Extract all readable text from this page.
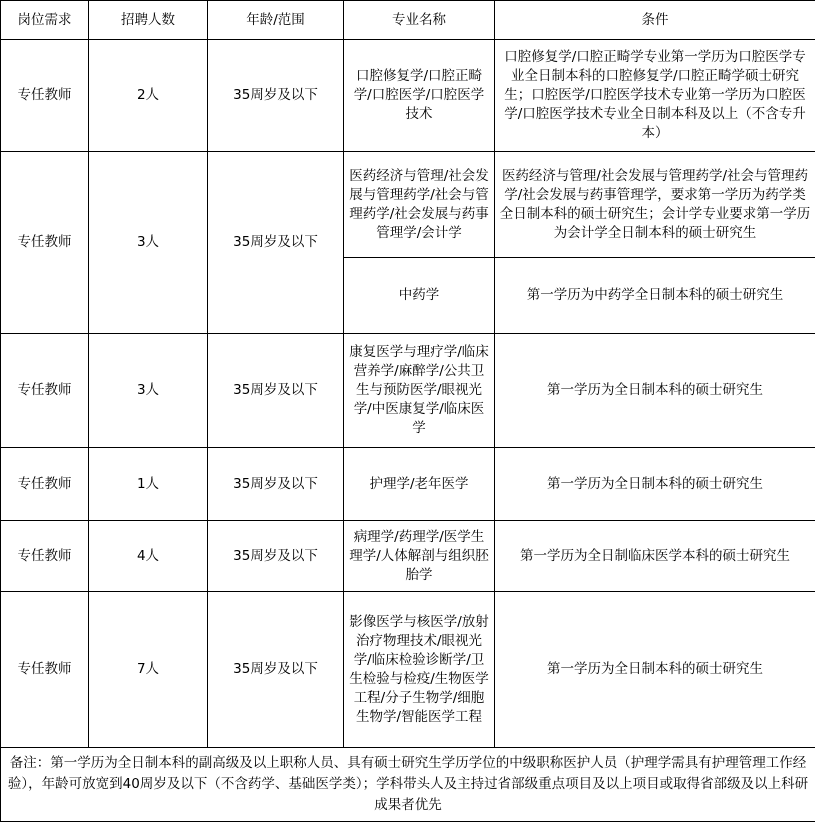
岗位需求	招聘人数	年龄/范围	专业名称	条件
专任教师	2人	35周岁及以下	口腔修复学/口腔正畸学/口腔医学/口腔医学技术	口腔修复学/口腔正畸学专业第一学历为口腔医学专业全日制本科的口腔修复学/口腔正畸学硕士研究生；口腔医学/口腔医学技术专业第一学历为口腔医学/口腔医学技术专业全日制本科及以上（不含专升本）
专任教师	3人	35周岁及以下	医药经济与管理/社会发展与管理药学/社会与管理药学/社会发展与药事管理学/会计学	医药经济与管理/社会发展与管理药学/社会与管理药学/社会发展与药事管理学，要求第一学历为药学类全日制本科的硕士研究生；会计学专业要求第一学历为会计学全日制本科的硕士研究生
			中药学	第一学历为中药学全日制本科的硕士研究生
专任教师	3人	35周岁及以下	康复医学与理疗学/临床营养学/麻醉学/公共卫生与预防医学/眼视光学/中医康复学/临床医学	第一学历为全日制本科的硕士研究生
专任教师	1人	35周岁及以下	护理学/老年医学	第一学历为全日制本科的硕士研究生
专任教师	4人	35周岁及以下	病理学/药理学/医学生理学/人体解剖与组织胚胎学	第一学历为全日制临床医学本科的硕士研究生
专任教师	7人	35周岁及以下	影像医学与核医学/放射治疗物理技术/眼视光学/临床检验诊断学/卫生检验与检疫/生物医学工程/分子生物学/细胞生物学/智能医学工程	第一学历为全日制本科的硕士研究生
备注：第一学历为全日制本科的副高级及以上职称人员、具有硕士研究生学历学位的中级职称医护人员（护理学需具有护理管理工作经验），年龄可放宽到40周岁及以下（不含药学、基础医学类）；学科带头人及主持过省部级重点项目及以上项目或取得省部级及以上科研成果者优先				
